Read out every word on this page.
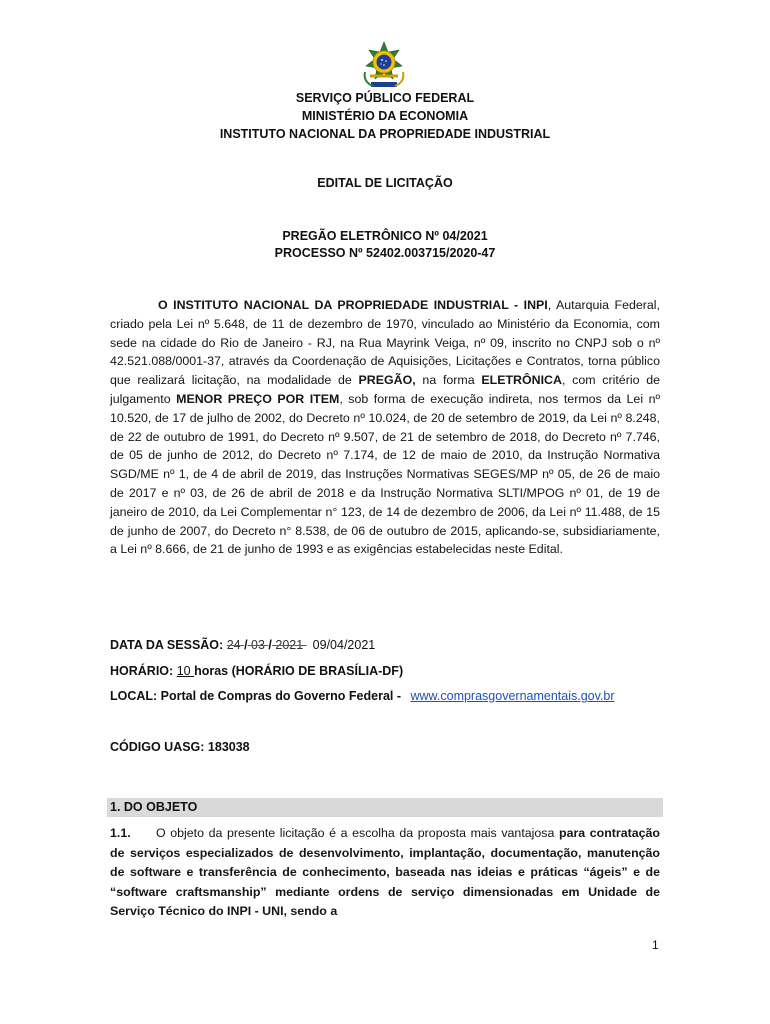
SERVIÇO PÚBLICO FEDERAL
MINISTÉRIO DA ECONOMIA
INSTITUTO NACIONAL DA PROPRIEDADE INDUSTRIAL
EDITAL DE LICITAÇÃO
PREGÃO ELETRÔNICO Nº 04/2021
PROCESSO Nº 52402.003715/2020-47
O INSTITUTO NACIONAL DA PROPRIEDADE INDUSTRIAL - INPI, Autarquia Federal, criado pela Lei nº 5.648, de 11 de dezembro de 1970, vinculado ao Ministério da Economia, com sede na cidade do Rio de Janeiro - RJ, na Rua Mayrink Veiga, nº 09, inscrito no CNPJ sob o nº 42.521.088/0001-37, através da Coordenação de Aquisições, Licitações e Contratos, torna público que realizará licitação, na modalidade de PREGÃO, na forma ELETRÔNICA, com critério de julgamento MENOR PREÇO POR ITEM, sob forma de execução indireta, nos termos da Lei nº 10.520, de 17 de julho de 2002, do Decreto nº 10.024, de 20 de setembro de 2019, da Lei nº 8.248, de 22 de outubro de 1991, do Decreto nº 9.507, de 21 de setembro de 2018, do Decreto nº 7.746, de 05 de junho de 2012, do Decreto nº 7.174, de 12 de maio de 2010, da Instrução Normativa SGD/ME nº 1, de 4 de abril de 2019, das Instruções Normativas SEGES/MP nº 05, de 26 de maio de 2017 e nº 03, de 26 de abril de 2018 e da Instrução Normativa SLTI/MPOG nº 01, de 19 de janeiro de 2010, da Lei Complementar n° 123, de 14 de dezembro de 2006, da Lei nº 11.488, de 15 de junho de 2007, do Decreto n° 8.538, de 06 de outubro de 2015, aplicando-se, subsidiariamente, a Lei nº 8.666, de 21 de junho de 1993 e as exigências estabelecidas neste Edital.
DATA DA SESSÃO: 24 / 03 / 2021 09/04/2021
HORÁRIO: 10 horas (HORÁRIO DE BRASÍLIA-DF)
LOCAL: Portal de Compras do Governo Federal - www.comprasgovernamentais.gov.br
CÓDIGO UASG: 183038
1. DO OBJETO
1.1. O objeto da presente licitação é a escolha da proposta mais vantajosa para contratação de serviços especializados de desenvolvimento, implantação, documentação, manutenção de software e transferência de conhecimento, baseada nas ideias e práticas “ágeis” e de “software craftsmanship” mediante ordens de serviço dimensionadas em Unidade de Serviço Técnico do INPI - UNI, sendo a
1
